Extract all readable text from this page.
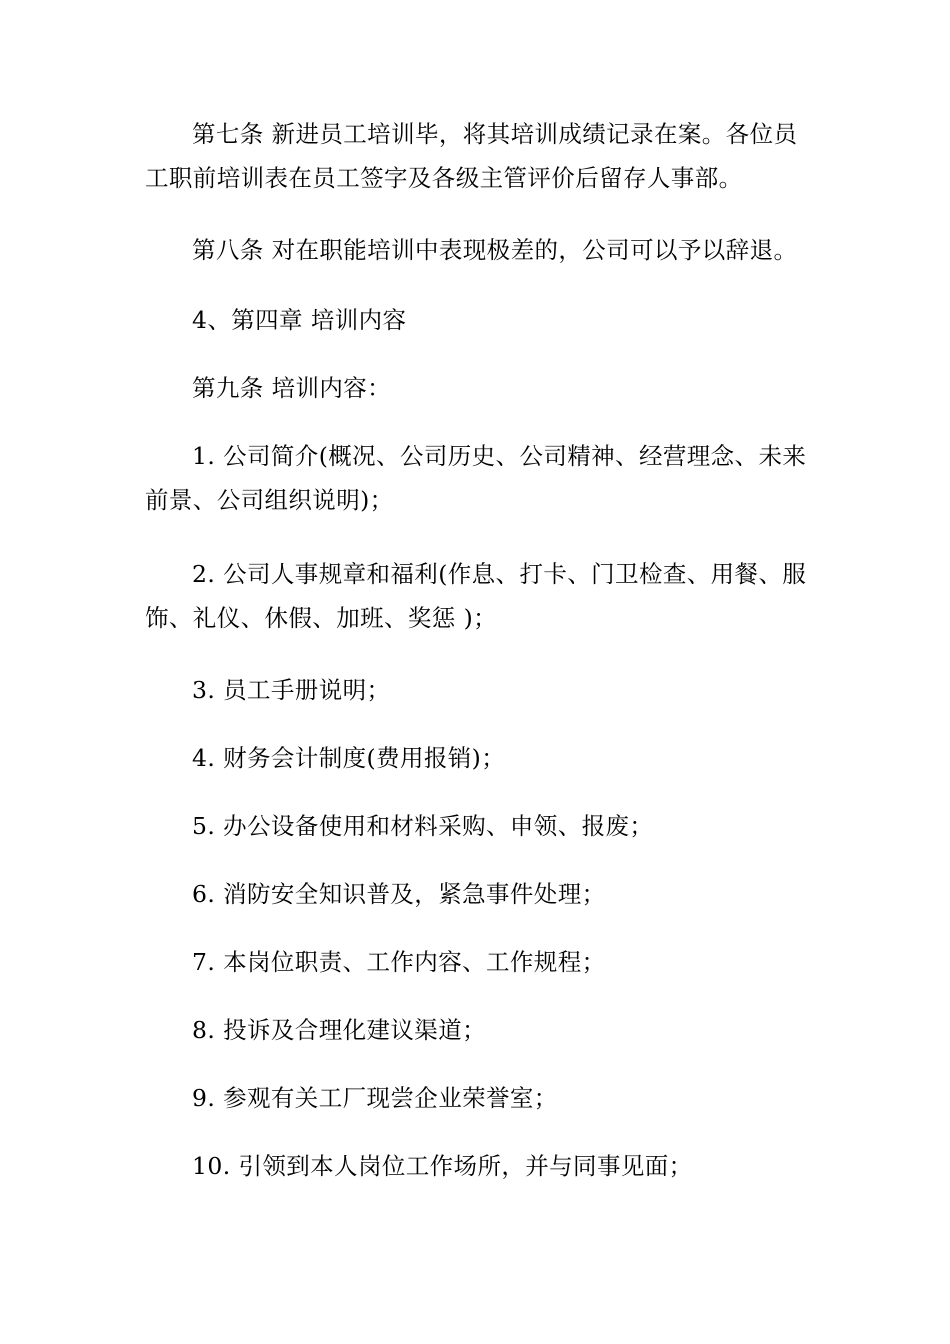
第七条 新进员工培训毕，将其培训成绩记录在案。各位员工职前培训表在员工签字及各级主管评价后留存人事部。

第八条 对在职能培训中表现极差的，公司可以予以辞退。

4、第四章 培训内容

第九条 培训内容：

1. 公司简介(概况、公司历史、公司精神、经营理念、未来前景、公司组织说明)；

2. 公司人事规章和福利(作息、打卡、门卫检查、用餐、服饰、礼仪、休假、加班、奖惩 )；

3. 员工手册说明；

4. 财务会计制度(费用报销)；

5. 办公设备使用和材料采购、申领、报废；

6. 消防安全知识普及，紧急事件处理；

7. 本岗位职责、工作内容、工作规程；

8. 投诉及合理化建议渠道；

9. 参观有关工厂现尝企业荣誉室；

10. 引领到本人岗位工作场所，并与同事见面；
